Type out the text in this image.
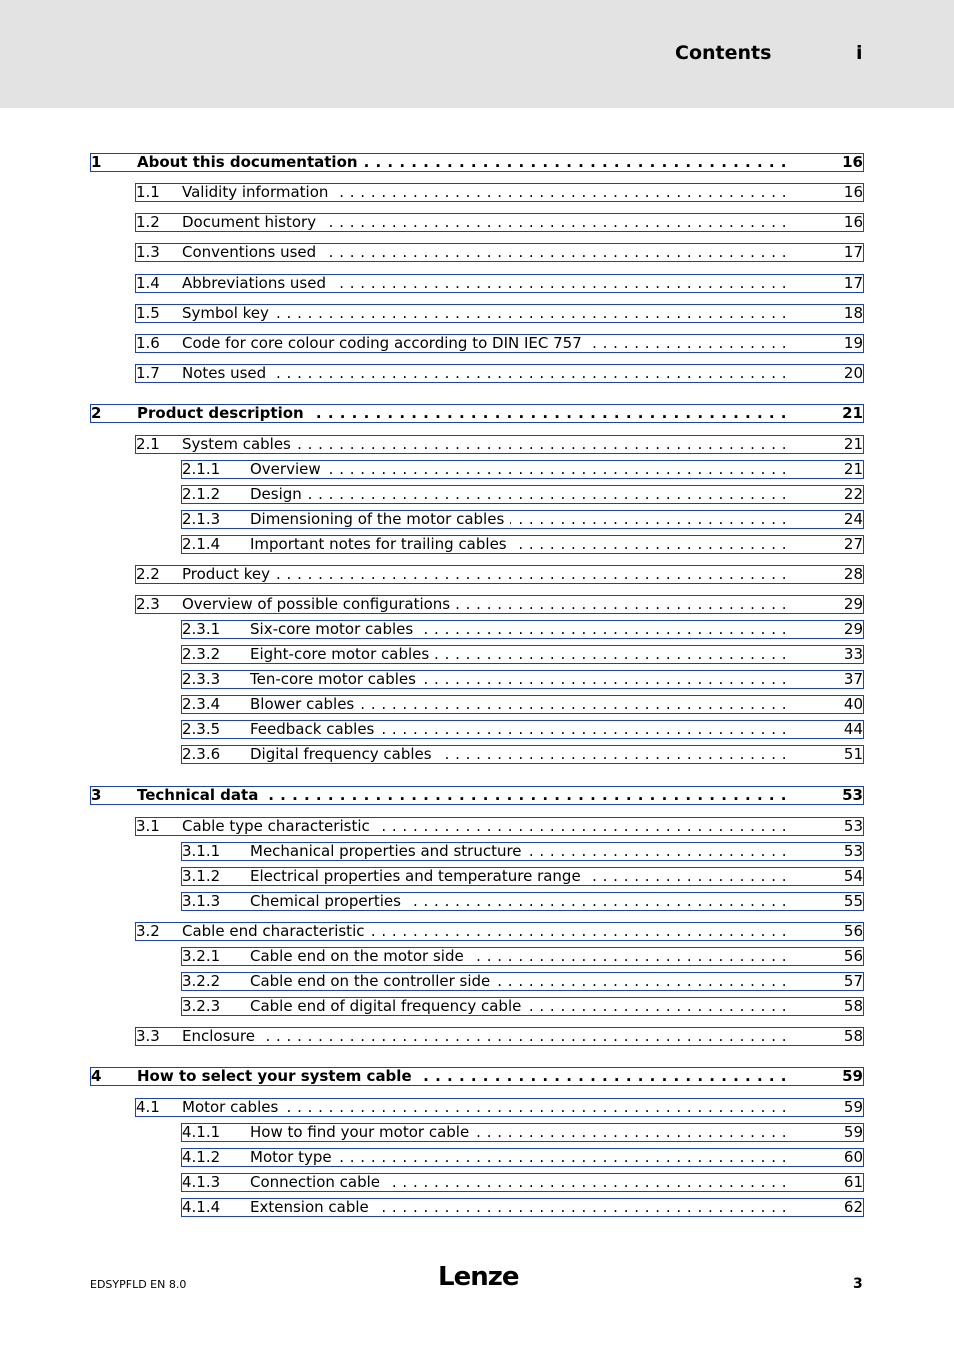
Contents	i
1 About this documentation . . .	16
1.1 Validity information . . .	16
1.2 Document history . . .	16
1.3 Conventions used . . .	17
1.4 Abbreviations used . . .	17
1.5 Symbol key . . .	18
1.6 Code for core colour coding according to DIN IEC 757 . . .	19
1.7 Notes used . . .	20
2 Product description . . .	21
2.1 System cables . . .	21
2.1.1 Overview . . .	21
2.1.2 Design . . .	22
2.1.3 Dimensioning of the motor cables . . .	24
2.1.4 Important notes for trailing cables . . .	27
2.2 Product key . . .	28
2.3 Overview of possible configurations . . .	29
2.3.1 Six-core motor cables . . .	29
2.3.2 Eight-core motor cables . . .	33
2.3.3 Ten-core motor cables . . .	37
2.3.4 Blower cables . . .	40
2.3.5 Feedback cables . . .	44
2.3.6 Digital frequency cables . . .	51
3 Technical data . . .	53
3.1 Cable type characteristic . . .	53
3.1.1 Mechanical properties and structure . . .	53
3.1.2 Electrical properties and temperature range . . .	54
3.1.3 Chemical properties . . .	55
3.2 Cable end characteristic . . .	56
3.2.1 Cable end on the motor side . . .	56
3.2.2 Cable end on the controller side . . .	57
3.2.3 Cable end of digital frequency cable . . .	58
3.3 Enclosure . . .	58
4 How to select your system cable . . .	59
4.1 Motor cables . . .	59
4.1.1 How to find your motor cable . . .	59
4.1.2 Motor type . . .	60
4.1.3 Connection cable . . .	61
4.1.4 Extension cable . . .	62
EDSYPFLD EN 8.0	Lenze	3
